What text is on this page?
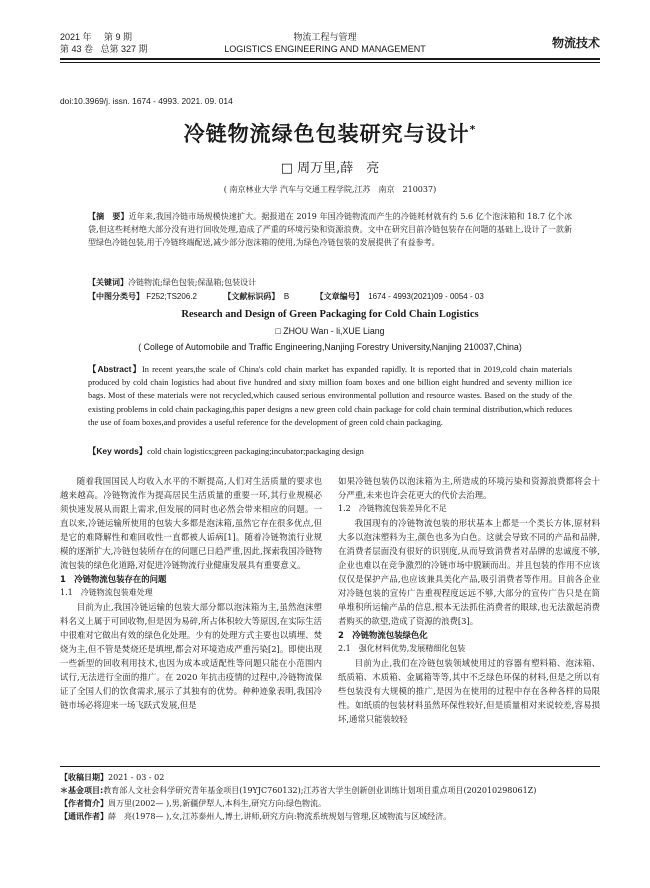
2021 年 第 9 期
第 43 卷 总第 327 期
物流工程与管理
LOGISTICS ENGINEERING AND MANAGEMENT	物流技术
doi:10.3969/j. issn. 1674 - 4993. 2021. 09. 014
冷链物流绿色包装研究与设计*
□ 周万里,薛　亮
( 南京林业大学 汽车与交通工程学院,江苏　南京　210037)
【摘　要】近年来,我国冷链市场规模快速扩大。据报道在 2019 年国冷链物流而产生的冷链耗材就有约 5.6 亿个泡沫箱和 18.7 亿个冰袋,但这些耗材绝大部分没有进行回收处理,造成了严重的环境污染和资源浪费。文中在研究目前冷链包装存在问题的基础上,设计了一款新型绿色冷链包装,用于冷链终端配送,减少部分泡沫箱的使用,为绿色冷链包装的发展提供了有益参考。
【关键词】冷链物流;绿色包装;保温箱;包装设计
【中图分类号】 F252;TS206.2	【文献标识码】 B	【文章编号】 1674 - 4993(2021)09 - 0054 - 03
Research and Design of Green Packaging for Cold Chain Logistics
□ ZHOU Wan - li,XUE Liang
( College of Automobile and Traffic Engineering,Nanjing Forestry University,Nanjing 210037,China)
【Abstract】In recent years,the scale of China's cold chain market has expanded rapidly. It is reported that in 2019,cold chain materials produced by cold chain logistics had about five hundred and sixty million foam boxes and one billion eight hundred and seventy million ice bags. Most of these materials were not recycled,which caused serious environmental pollution and resource wastes. Based on the study of the existing problems in cold chain packaging,this paper designs a new green cold chain package for cold chain terminal distribution,which reduces the use of foam boxes,and provides a useful reference for the development of green cold chain packaging.
【Key words】cold chain logistics;green packaging;incubator;packaging design

随着我国国民人均收入水平的不断提高,人们对生活质量的要求也越来越高。冷链物流作为提高居民生活质量的重要一环,其行业规模必须快速发展从而跟上需求,但发展的同时也必然会带来相应的问题。一直以来,冷链运输所使用的包装大多都是泡沫箱,虽然它存在很多优点,但是它的难降解性和难回收性一直都被人诟病[1]。随着冷链物流行业规模的逐渐扩大,冷链包装所存在的问题已日趋严重,因此,探索我国冷链物流包装的绿色化道路,对促进冷链物流行业健康发展具有重要意义。

1　冷链物流包装存在的问题

1.1　冷链物流包装难处理

目前为止,我国冷链运输的包装大部分都以泡沫箱为主,虽然泡沫塑料名义上属于可回收物,但是因为易碎,所占体积较大等原因,在实际生活中很难对它做出有效的绿色化处理。少有的处理方式主要也以填埋、焚烧为主,但不管是焚烧还是填埋,都会对环境造成严重污染[2]。即使出现一些新型的回收利用技术,也因为成本或适配性等问题只能在小范围内试行,无法进行全面的推广。在 2020 年抗击疫情的过程中,冷链物流保证了全国人们的饮食需求,展示了其独有的优势。种种迹象表明,我国冷链市场必将迎来一场飞跃式发展,但是

如果冷链包装仍以泡沫箱为主,所造成的环境污染和资源浪费都将会十分严重,未来也许会花更大的代价去治理。

1.2　冷链物流包装差异化不足

我国现有的冷链物流包装的形状基本上都是一个类长方体,原材料大多以泡沫塑料为主,颜色也多为白色。这就会导致不同的产品和品牌,在消费者层面没有很好的识别度,从而导致消费者对品牌的忠诚度不够,企业也难以在竞争激烈的冷链市场中脱颖而出。并且包装的作用不应该仅仅是保护产品,也应该兼具美化产品,吸引消费者等作用。目前各企业对冷链包装的宣传广告重视程度远远不够,大部分的宣传广告只是在简单堆积所运输产品的信息,根本无法抓住消费者的眼球,也无法激起消费者购买的欲望,造成了资源的浪费[3]。

2　冷链物流包装绿色化

2.1　强化材料优势,发展精细化包装

目前为止,我们在冷链包装领域使用过的容器有塑料箱、泡沫箱、纸质箱、木质箱、金属箱等等,其中不乏绿色环保的材料,但是之所以有些包装没有大规模的推广,是因为在使用的过程中存在各种各样的局限性。如纸质的包装材料虽然环保性较好,但是质量相对来说较差,容易损坏,通常只能装较轻

【收稿日期】2021 - 03 - 02
＊基金项目:教育部人文社会科学研究青年基金项目(19YJC760132);江苏省大学生创新创业训练计划项目重点项目(202010298061Z)
【作者简介】周万里(2002— ),男,新疆伊犁人,本科生,研究方向:绿色物流。
【通讯作者】薛　亮(1978— ),女,江苏泰州人,博士,讲师,研究方向:物流系统规划与管理,区域物流与区域经济。
